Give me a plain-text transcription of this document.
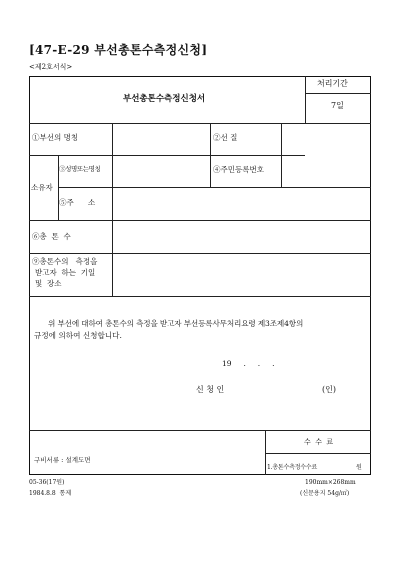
[47-E-29 부선총톤수측정신청]
<제2호서식>
부선총톤수측정신청서
처리기간
7일
①부선의 명칭	②선 질
소유자
③성명또는명칭	④주민등록번호
⑤주      소
⑥총  톤  수
⑨총톤수의   측정을
받고자  하는  기일
및  장소
위 부선에 대하여 총톤수의 측정을 받고자 부선등록사무처리요령 제3조제4항의
규정에 의하여 신청합니다.
19     .     .     .
신 청 인	(인)
구비서류 : 설계도면
수  수  료
1.총톤수측정수수료	원
05-36(17원)
1984.8.8  통제
190mm×268mm
(신문용지 54g/㎡)
